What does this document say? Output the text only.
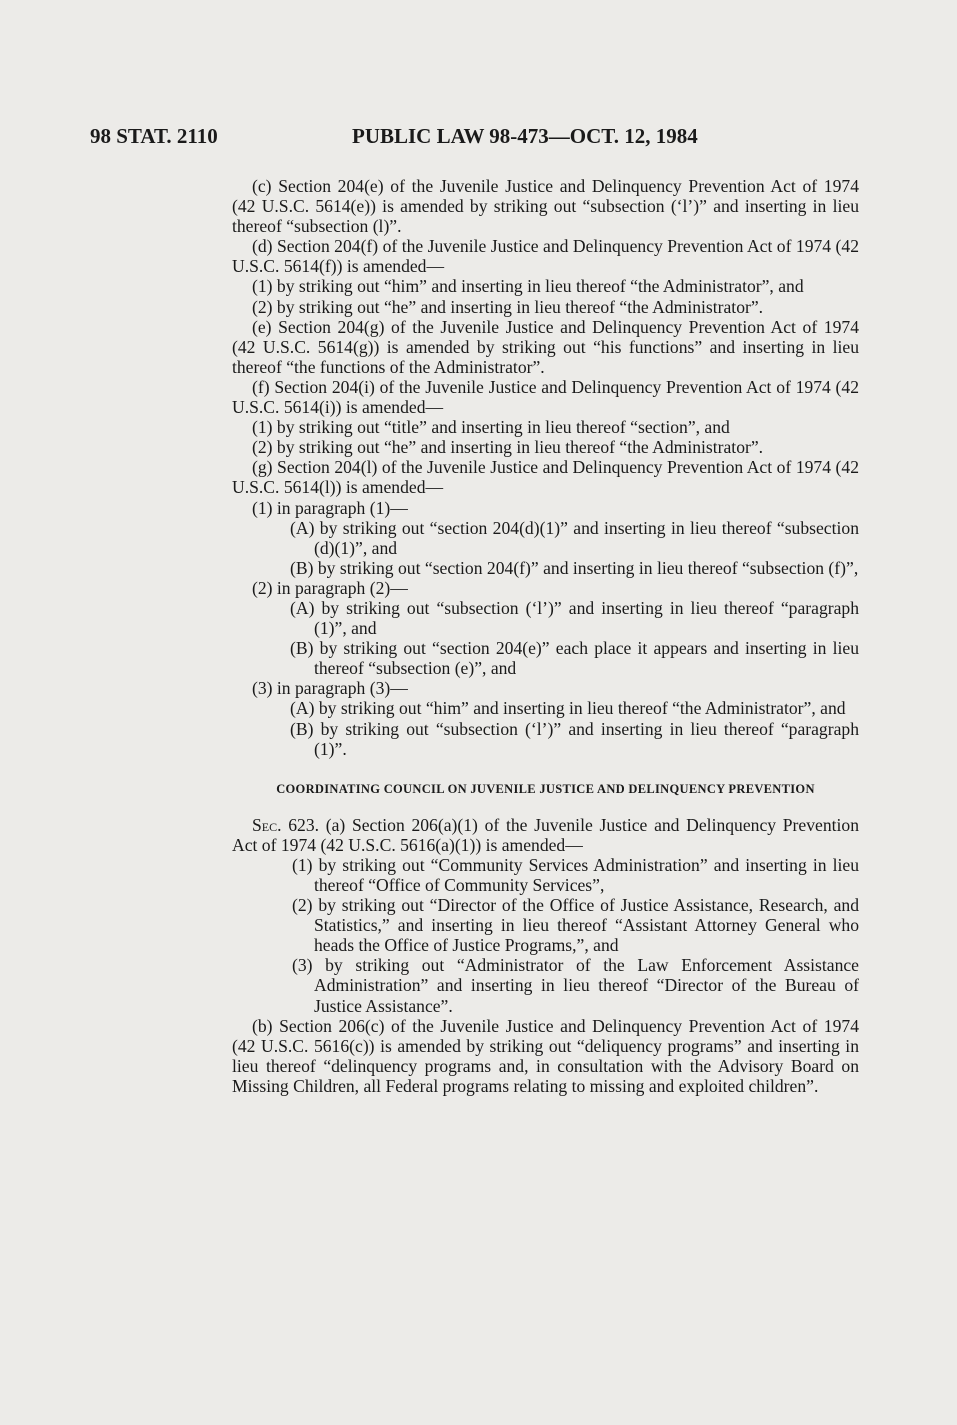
98 STAT. 2110	PUBLIC LAW 98-473—OCT. 12, 1984

(c) Section 204(e) of the Juvenile Justice and Delinquency Prevention Act of 1974 (42 U.S.C. 5614(e)) is amended by striking out “subsection (‘l’)” and inserting in lieu thereof “subsection (l)”.

(d) Section 204(f) of the Juvenile Justice and Delinquency Prevention Act of 1974 (42 U.S.C. 5614(f)) is amended—

(1) by striking out “him” and inserting in lieu thereof “the Administrator”, and

(2) by striking out “he” and inserting in lieu thereof “the Administrator”.

(e) Section 204(g) of the Juvenile Justice and Delinquency Prevention Act of 1974 (42 U.S.C. 5614(g)) is amended by striking out “his functions” and inserting in lieu thereof “the functions of the Administrator”.

(f) Section 204(i) of the Juvenile Justice and Delinquency Prevention Act of 1974 (42 U.S.C. 5614(i)) is amended—

(1) by striking out “title” and inserting in lieu thereof “section”, and

(2) by striking out “he” and inserting in lieu thereof “the Administrator”.

(g) Section 204(l) of the Juvenile Justice and Delinquency Prevention Act of 1974 (42 U.S.C. 5614(l)) is amended—

(1) in paragraph (1)—

(A) by striking out “section 204(d)(1)” and inserting in lieu thereof “subsection (d)(1)”, and

(B) by striking out “section 204(f)” and inserting in lieu thereof “subsection (f)”,

(2) in paragraph (2)—

(A) by striking out “subsection (‘l’)” and inserting in lieu thereof “paragraph (1)”, and

(B) by striking out “section 204(e)” each place it appears and inserting in lieu thereof “subsection (e)”, and

(3) in paragraph (3)—

(A) by striking out “him” and inserting in lieu thereof “the Administrator”, and

(B) by striking out “subsection (‘l’)” and inserting in lieu thereof “paragraph (1)”.

COORDINATING COUNCIL ON JUVENILE JUSTICE AND DELINQUENCY PREVENTION

Sec. 623. (a) Section 206(a)(1) of the Juvenile Justice and Delinquency Prevention Act of 1974 (42 U.S.C. 5616(a)(1)) is amended—

(1) by striking out “Community Services Administration” and inserting in lieu thereof “Office of Community Services”,

(2) by striking out “Director of the Office of Justice Assistance, Research, and Statistics,” and inserting in lieu thereof “Assistant Attorney General who heads the Office of Justice Programs,”, and

(3) by striking out “Administrator of the Law Enforcement Assistance Administration” and inserting in lieu thereof “Director of the Bureau of Justice Assistance”.

(b) Section 206(c) of the Juvenile Justice and Delinquency Prevention Act of 1974 (42 U.S.C. 5616(c)) is amended by striking out “deliquency programs” and inserting in lieu thereof “delinquency programs and, in consultation with the Advisory Board on Missing Children, all Federal programs relating to missing and exploited children”.
